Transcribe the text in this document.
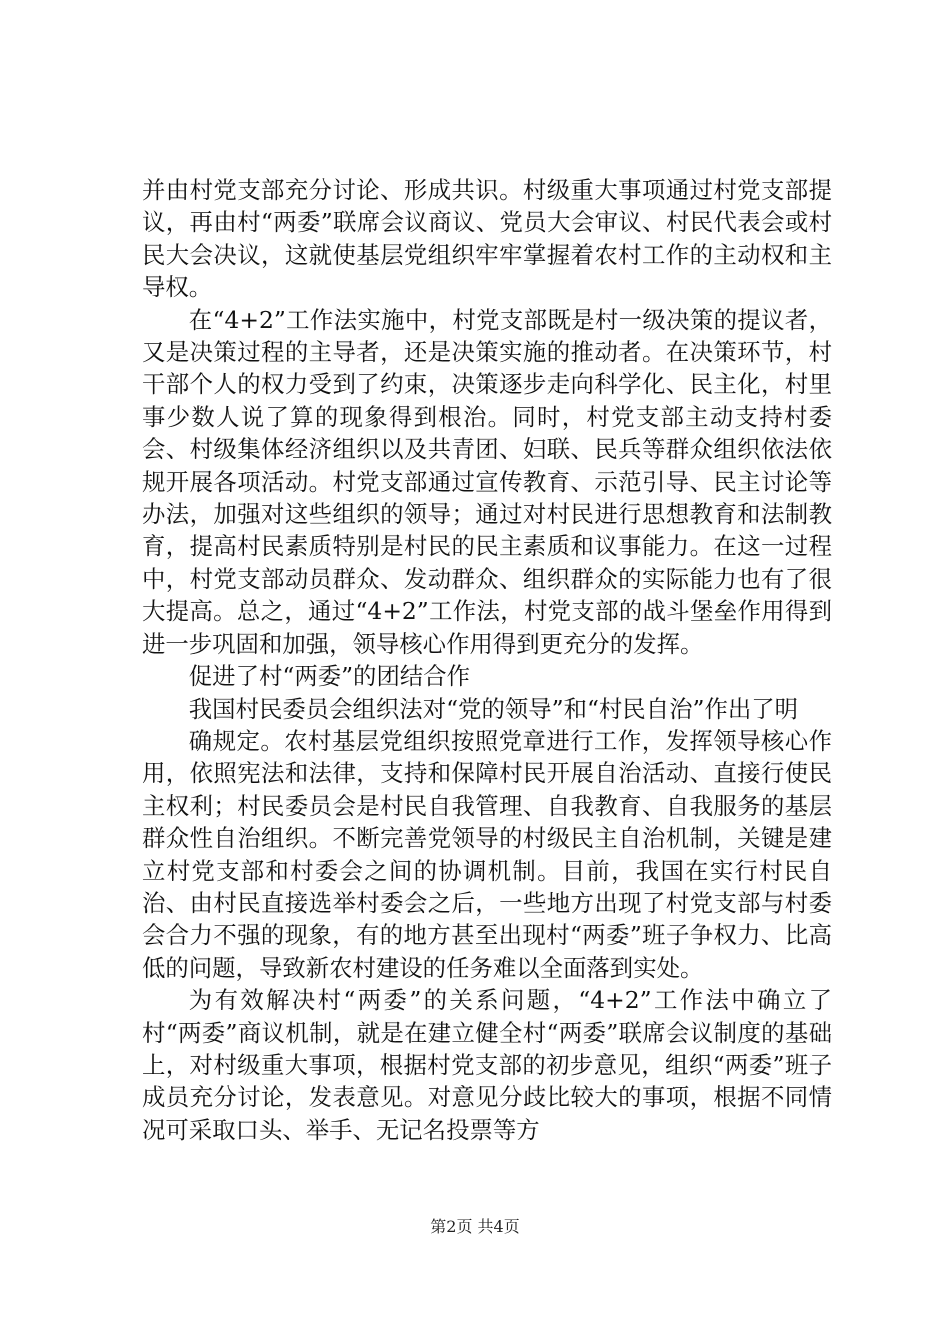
并由村党支部充分讨论、形成共识。村级重大事项通过村党支部提议，再由村“两委”联席会议商议、党员大会审议、村民代表会或村民大会决议，这就使基层党组织牢牢掌握着农村工作的主动权和主导权。

在“4+2”工作法实施中，村党支部既是村一级决策的提议者，又是决策过程的主导者，还是决策实施的推动者。在决策环节，村干部个人的权力受到了约束，决策逐步走向科学化、民主化，村里事少数人说了算的现象得到根治。同时，村党支部主动支持村委会、村级集体经济组织以及共青团、妇联、民兵等群众组织依法依规开展各项活动。村党支部通过宣传教育、示范引导、民主讨论等办法，加强对这些组织的领导；通过对村民进行思想教育和法制教育，提高村民素质特别是村民的民主素质和议事能力。在这一过程中，村党支部动员群众、发动群众、组织群众的实际能力也有了很大提高。总之，通过“4+2”工作法，村党支部的战斗堡垒作用得到进一步巩固和加强，领导核心作用得到更充分的发挥。

促进了村“两委”的团结合作

我国村民委员会组织法对“党的领导”和“村民自治”作出了明

确规定。农村基层党组织按照党章进行工作，发挥领导核心作用，依照宪法和法律，支持和保障村民开展自治活动、直接行使民主权利；村民委员会是村民自我管理、自我教育、自我服务的基层群众性自治组织。不断完善党领导的村级民主自治机制，关键是建立村党支部和村委会之间的协调机制。目前，我国在实行村民自治、由村民直接选举村委会之后，一些地方出现了村党支部与村委会合力不强的现象，有的地方甚至出现村“两委”班子争权力、比高低的问题，导致新农村建设的任务难以全面落到实处。

为有效解决村“两委”的关系问题，“4+2”工作法中确立了村“两委”商议机制，就是在建立健全村“两委”联席会议制度的基础上，对村级重大事项，根据村党支部的初步意见，组织“两委”班子成员充分讨论，发表意见。对意见分歧比较大的事项，根据不同情况可采取口头、举手、无记名投票等方

第2页 共4页
